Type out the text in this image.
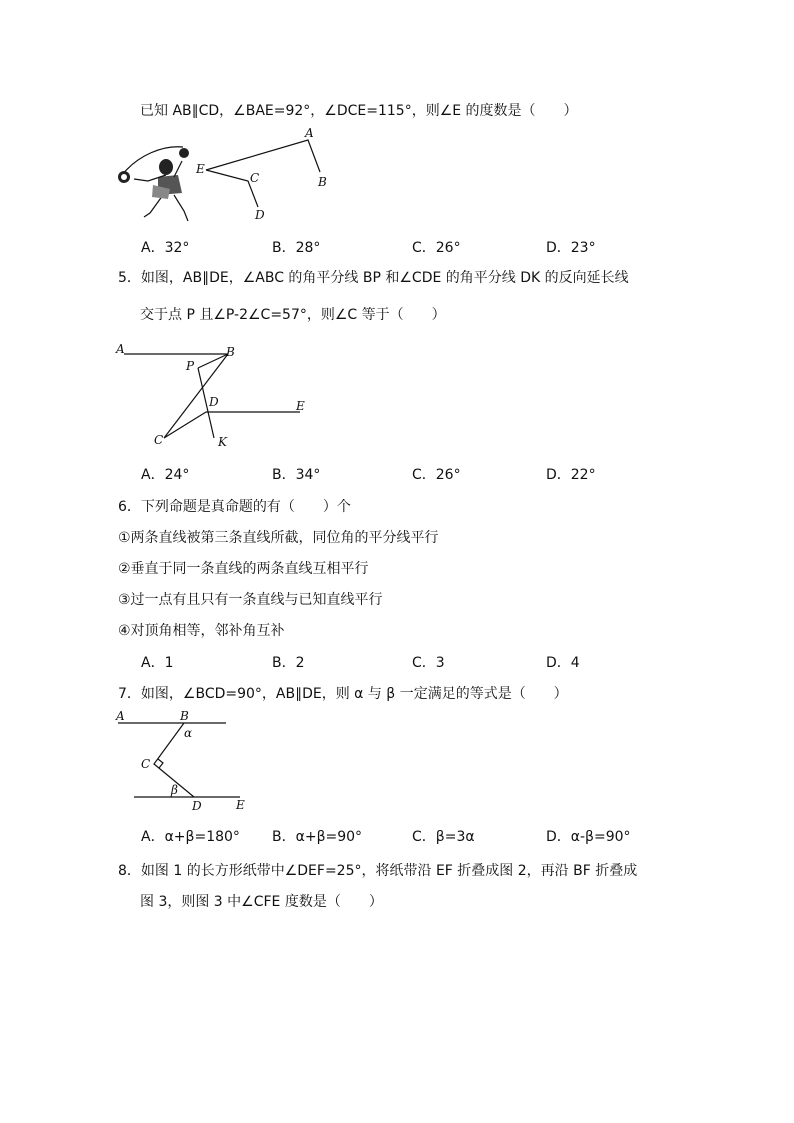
已知 AB∥CD，∠BAE=92°，∠DCE=115°，则∠E 的度数是（　　）
A
B
E
C
D
A．32°	B．28°	C．26°	D．23°
5．如图，AB∥DE，∠ABC 的角平分线 BP 和∠CDE 的角平分线 DK 的反向延长线
交于点 P 且∠P-2∠C=57°，则∠C 等于（　　）
A	B
P
D	E
C	K
A．24°	B．34°	C．26°	D．22°
6．下列命题是真命题的有（　　）个
①两条直线被第三条直线所截，同位角的平分线平行
②垂直于同一条直线的两条直线互相平行
③过一点有且只有一条直线与已知直线平行
④对顶角相等，邻补角互补
A．1	B．2	C．3	D．4
7．如图，∠BCD=90°，AB∥DE，则 α 与 β 一定满足的等式是（　　）
A	B
α
C
β
D	E
A．α+β=180° B．α+β=90°	C．β=3α	D．α-β=90°
8．如图 1 的长方形纸带中∠DEF=25°，将纸带沿 EF 折叠成图 2，再沿 BF 折叠成
图 3，则图 3 中∠CFE 度数是（　　）
